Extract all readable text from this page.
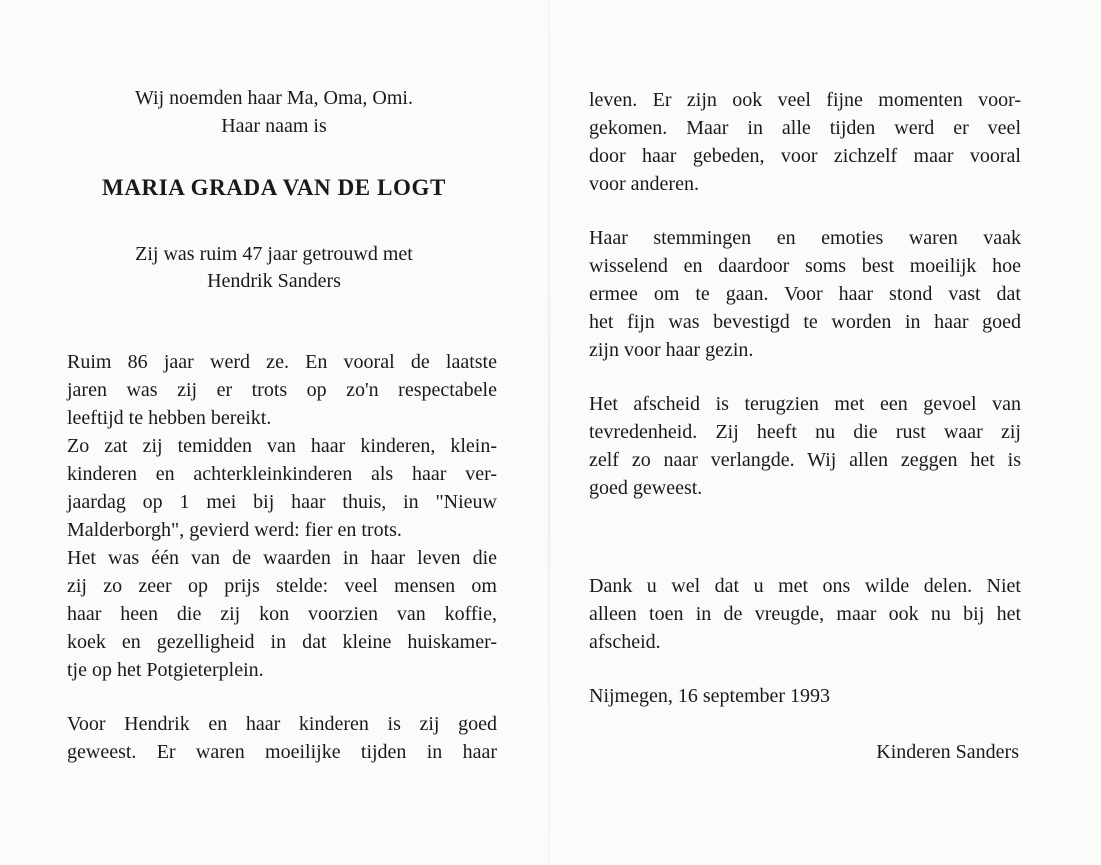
Wij noemden haar Ma, Oma, Omi.
Haar naam is
MARIA GRADA VAN DE LOGT
Zij was ruim 47 jaar getrouwd met
Hendrik Sanders
Ruim 86 jaar werd ze. En vooral de laatste
jaren was zij er trots op zo'n respectabele
leeftijd te hebben bereikt.
Zo zat zij temidden van haar kinderen, klein-
kinderen en achterkleinkinderen als haar ver-
jaardag op 1 mei bij haar thuis, in "Nieuw
Malderborgh", gevierd werd: fier en trots.
Het was één van de waarden in haar leven die
zij zo zeer op prijs stelde: veel mensen om
haar heen die zij kon voorzien van koffie,
koek en gezelligheid in dat kleine huiskamer-
tje op het Potgieterplein.
Voor Hendrik en haar kinderen is zij goed
geweest. Er waren moeilijke tijden in haar
leven. Er zijn ook veel fijne momenten voor-
gekomen. Maar in alle tijden werd er veel
door haar gebeden, voor zichzelf maar vooral
voor anderen.
Haar stemmingen en emoties waren vaak
wisselend en daardoor soms best moeilijk hoe
ermee om te gaan. Voor haar stond vast dat
het fijn was bevestigd te worden in haar goed
zijn voor haar gezin.
Het afscheid is terugzien met een gevoel van
tevredenheid. Zij heeft nu die rust waar zij
zelf zo naar verlangde. Wij allen zeggen het is
goed geweest.
Dank u wel dat u met ons wilde delen. Niet
alleen toen in de vreugde, maar ook nu bij het
afscheid.
Nijmegen, 16 september 1993
Kinderen Sanders
